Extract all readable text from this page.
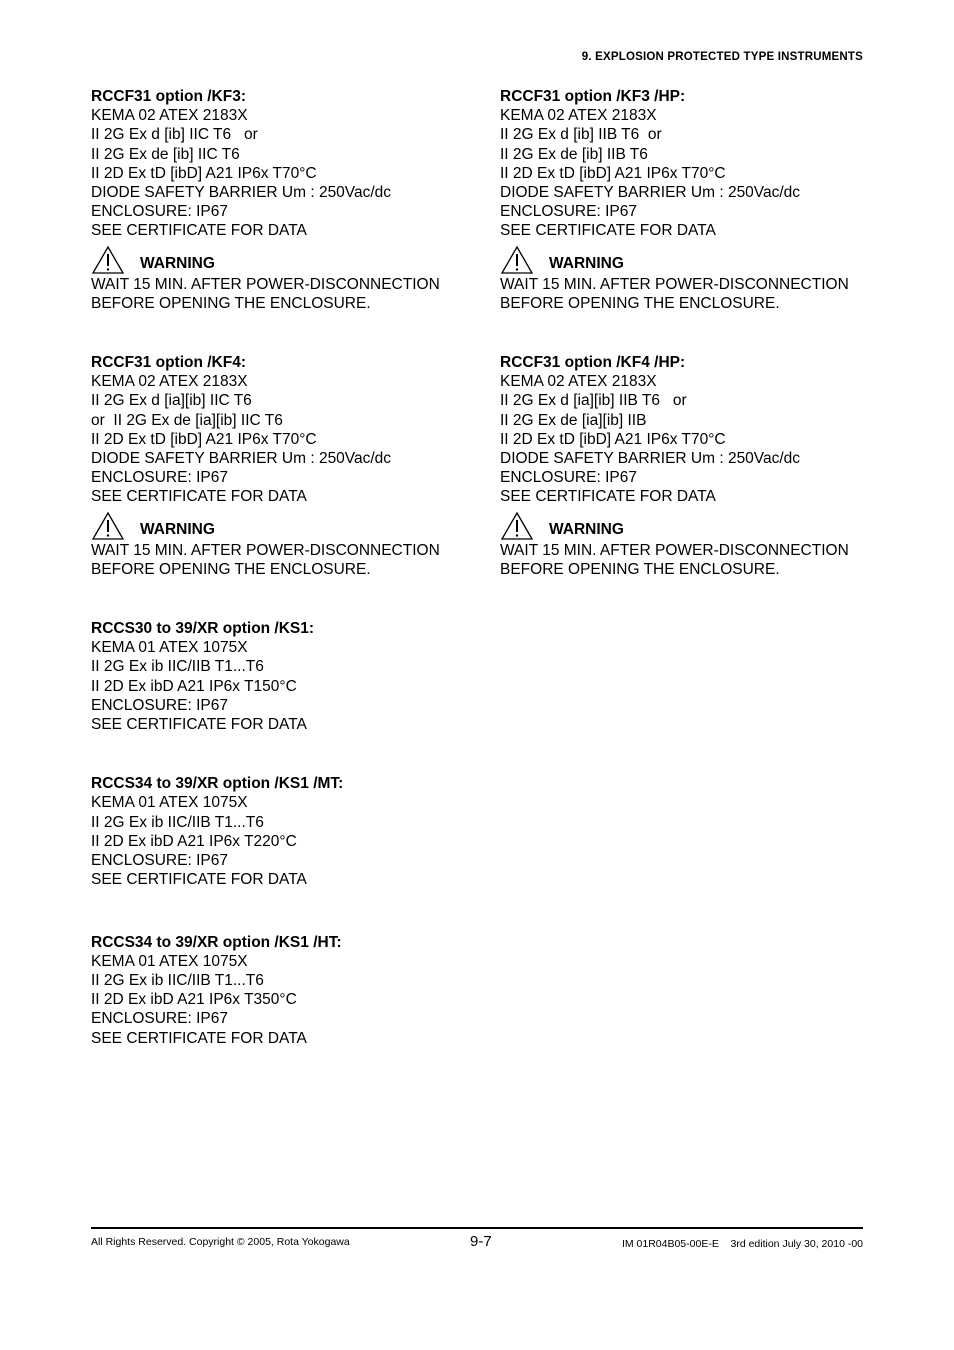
9. EXPLOSION PROTECTED TYPE INSTRUMENTS
RCCF31 option /KF3:
KEMA 02 ATEX 2183X
II 2G Ex d [ib] IIC T6   or
II 2G Ex de [ib] IIC T6
II 2D Ex tD [ibD] A21 IP6x T70°C
DIODE SAFETY BARRIER Um : 250Vac/dc
ENCLOSURE: IP67
SEE CERTIFICATE FOR DATA
WARNING
WAIT 15 MIN. AFTER POWER-DISCONNECTION
BEFORE OPENING THE ENCLOSURE.
RCCF31 option /KF4:
KEMA 02 ATEX 2183X
II 2G Ex d [ia][ib] IIC T6
or  II 2G Ex de [ia][ib] IIC T6
II 2D Ex tD [ibD] A21 IP6x T70°C
DIODE SAFETY BARRIER Um : 250Vac/dc
ENCLOSURE: IP67
SEE CERTIFICATE FOR DATA
WARNING
WAIT 15 MIN. AFTER POWER-DISCONNECTION
BEFORE OPENING THE ENCLOSURE.
RCCS30 to 39/XR option /KS1:
KEMA 01 ATEX 1075X
II 2G Ex ib IIC/IIB T1...T6
II 2D Ex ibD A21 IP6x T150°C
ENCLOSURE: IP67
SEE CERTIFICATE FOR DATA
RCCS34 to 39/XR option /KS1 /MT:
KEMA 01 ATEX 1075X
II 2G Ex ib IIC/IIB T1...T6
II 2D Ex ibD A21 IP6x T220°C
ENCLOSURE: IP67
SEE CERTIFICATE FOR DATA
RCCS34 to 39/XR option /KS1 /HT:
KEMA 01 ATEX 1075X
II 2G Ex ib IIC/IIB T1...T6
II 2D Ex ibD A21 IP6x T350°C
ENCLOSURE: IP67
SEE CERTIFICATE FOR DATA
RCCF31 option /KF3 /HP:
KEMA 02 ATEX 2183X
II 2G Ex d [ib] IIB T6  or
II 2G Ex de [ib] IIB T6
II 2D Ex tD [ibD] A21 IP6x T70°C
DIODE SAFETY BARRIER Um : 250Vac/dc
ENCLOSURE: IP67
SEE CERTIFICATE FOR DATA
WARNING
WAIT 15 MIN. AFTER POWER-DISCONNECTION
BEFORE OPENING THE ENCLOSURE.
RCCF31 option /KF4 /HP:
KEMA 02 ATEX 2183X
II 2G Ex d [ia][ib] IIB T6   or
II 2G Ex de [ia][ib] IIB
II 2D Ex tD [ibD] A21 IP6x T70°C
DIODE SAFETY BARRIER Um : 250Vac/dc
ENCLOSURE: IP67
SEE CERTIFICATE FOR DATA
WARNING
WAIT 15 MIN. AFTER POWER-DISCONNECTION
BEFORE OPENING THE ENCLOSURE.
All Rights Reserved. Copyright © 2005, Rota Yokogawa	9-7	IM 01R04B05-00E-E    3rd edition July 30, 2010 -00
